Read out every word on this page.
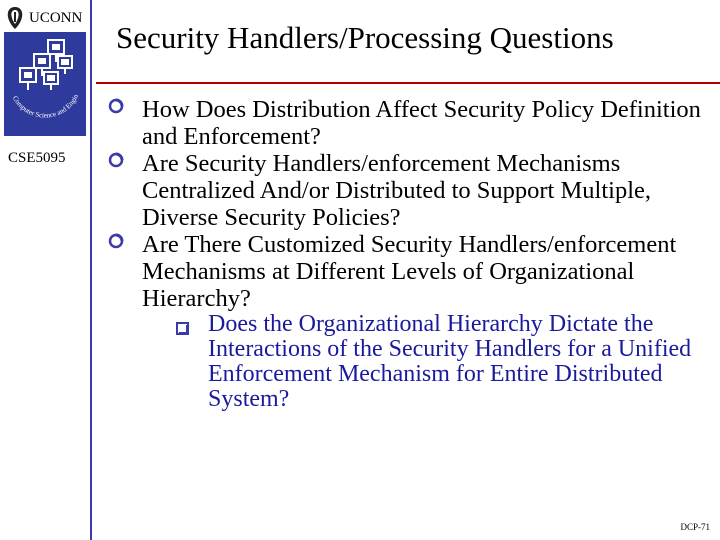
UCONN
Computer Science and Engin
CSE5095
Security Handlers/Processing Questions
How Does Distribution Affect Security Policy Definition and Enforcement?
Are Security Handlers/enforcement Mechanisms Centralized And/or Distributed to Support Multiple, Diverse Security Policies?
Are There Customized Security Handlers/enforcement Mechanisms at Different Levels of Organizational Hierarchy?
Does the Organizational Hierarchy Dictate the Interactions of the Security Handlers for a Unified Enforcement Mechanism for Entire Distributed System?
DCP-71
